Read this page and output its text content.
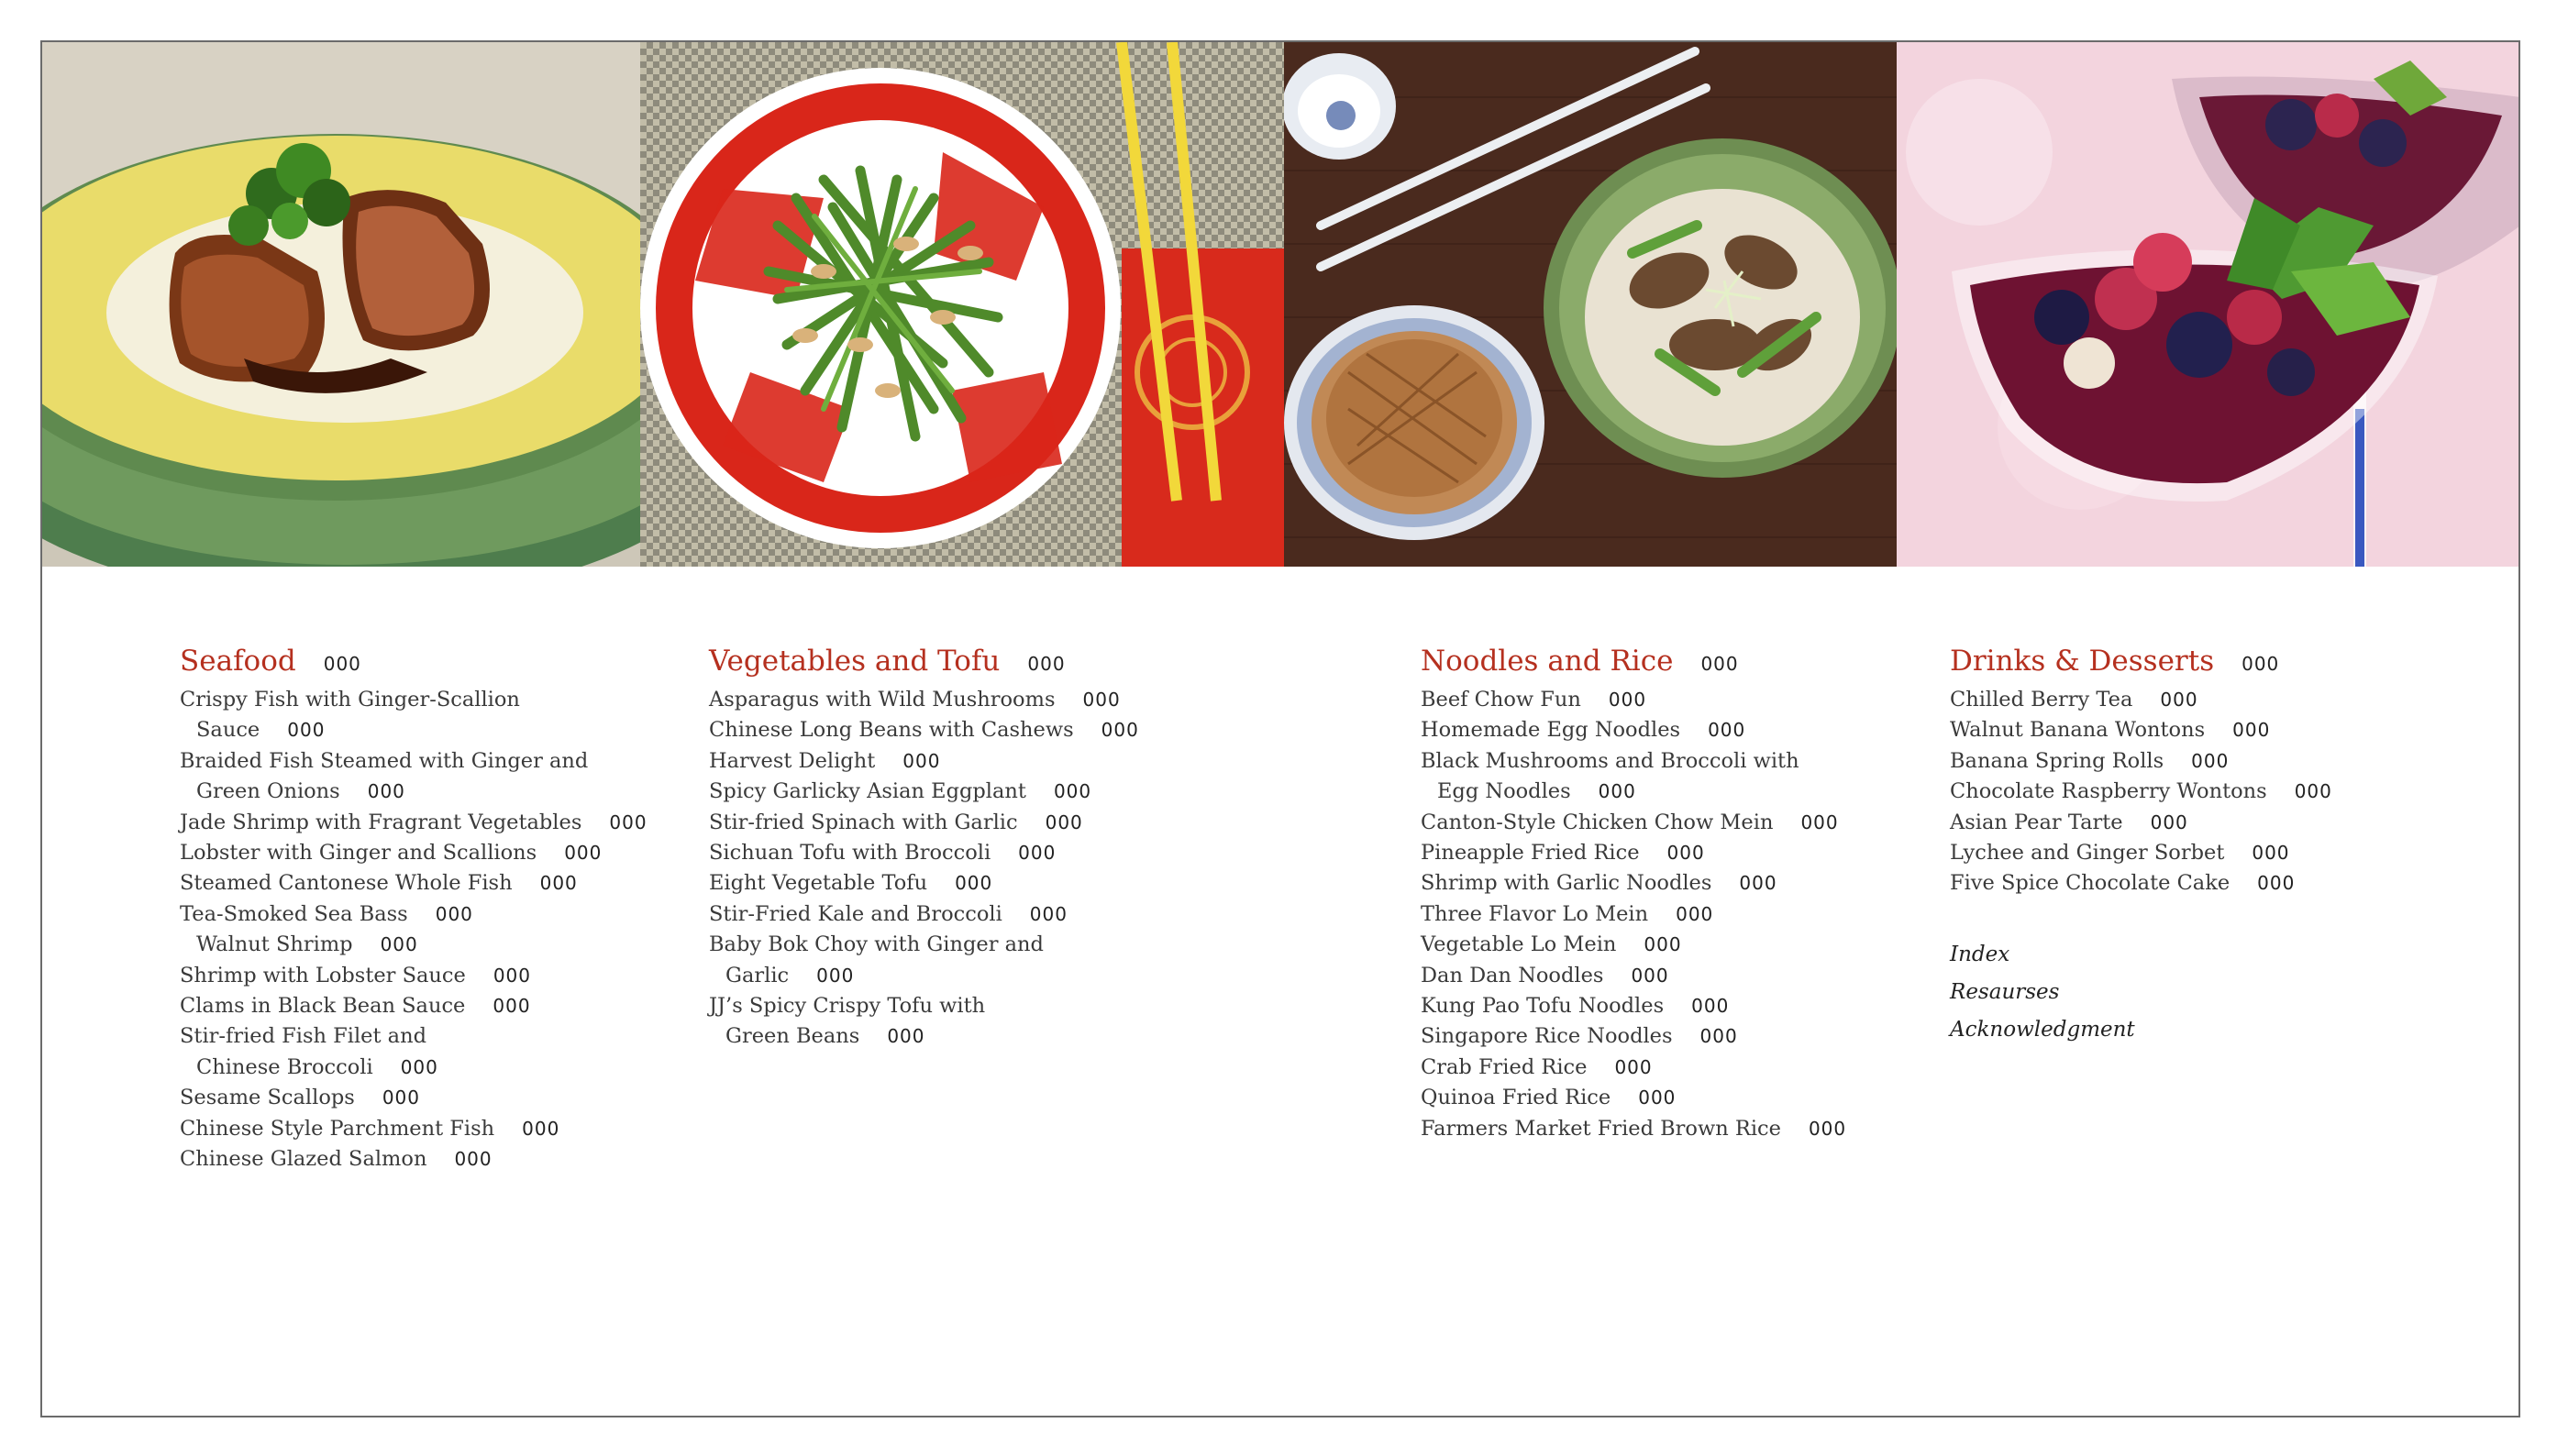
Seafood 000
Crispy Fish with Ginger-Scallion
Sauce 000
Braided Fish Steamed with Ginger and
Green Onions 000
Jade Shrimp with Fragrant Vegetables 000
Lobster with Ginger and Scallions 000
Steamed Cantonese Whole Fish 000
Tea-Smoked Sea Bass 000
Walnut Shrimp 000
Shrimp with Lobster Sauce 000
Clams in Black Bean Sauce 000
Stir-fried Fish Filet and
Chinese Broccoli 000
Sesame Scallops 000
Chinese Style Parchment Fish 000
Chinese Glazed Salmon 000
Vegetables and Tofu 000
Asparagus with Wild Mushrooms 000
Chinese Long Beans with Cashews 000
Harvest Delight 000
Spicy Garlicky Asian Eggplant 000
Stir-fried Spinach with Garlic 000
Sichuan Tofu with Broccoli 000
Eight Vegetable Tofu 000
Stir-Fried Kale and Broccoli 000
Baby Bok Choy with Ginger and
Garlic 000
JJ’s Spicy Crispy Tofu with
Green Beans 000
Noodles and Rice 000
Beef Chow Fun 000
Homemade Egg Noodles 000
Black Mushrooms and Broccoli with
Egg Noodles 000
Canton-Style Chicken Chow Mein 000
Pineapple Fried Rice 000
Shrimp with Garlic Noodles 000
Three Flavor Lo Mein 000
Vegetable Lo Mein 000
Dan Dan Noodles 000
Kung Pao Tofu Noodles 000
Singapore Rice Noodles 000
Crab Fried Rice 000
Quinoa Fried Rice 000
Farmers Market Fried Brown Rice 000
Drinks & Desserts 000
Chilled Berry Tea 000
Walnut Banana Wontons 000
Banana Spring Rolls 000
Chocolate Raspberry Wontons 000
Asian Pear Tarte 000
Lychee and Ginger Sorbet 000
Five Spice Chocolate Cake 000
Index
Resaurses
Acknowledgment
